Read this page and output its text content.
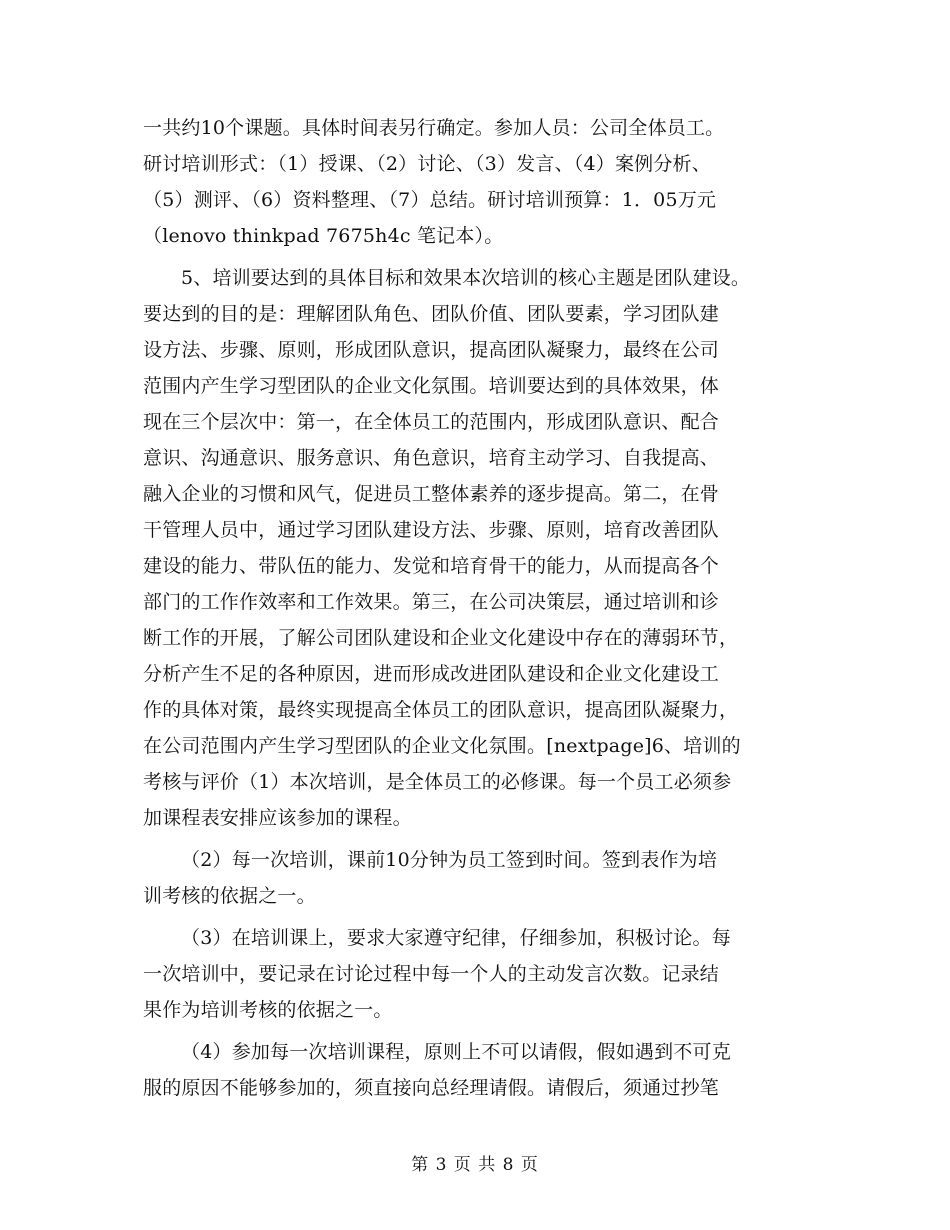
一共约10个课题。具体时间表另行确定。参加人员：公司全体员工。
研讨培训形式：（1）授课、（2）讨论、（3）发言、（4）案例分析、
（5）测评、（6）资料整理、（7）总结。研讨培训预算：1．05万元
（lenovo thinkpad 7675h4c 笔记本）。
5、培训要达到的具体目标和效果本次培训的核心主题是团队建设。
要达到的目的是：理解团队角色、团队价值、团队要素，学习团队建
设方法、步骤、原则，形成团队意识，提高团队凝聚力，最终在公司
范围内产生学习型团队的企业文化氛围。培训要达到的具体效果，体
现在三个层次中：第一，在全体员工的范围内，形成团队意识、配合
意识、沟通意识、服务意识、角色意识，培育主动学习、自我提高、
融入企业的习惯和风气，促进员工整体素养的逐步提高。第二，在骨
干管理人员中，通过学习团队建设方法、步骤、原则，培育改善团队
建设的能力、带队伍的能力、发觉和培育骨干的能力，从而提高各个
部门的工作作效率和工作效果。第三，在公司决策层，通过培训和诊
断工作的开展，了解公司团队建设和企业文化建设中存在的薄弱环节，
分析产生不足的各种原因，进而形成改进团队建设和企业文化建设工
作的具体对策，最终实现提高全体员工的团队意识，提高团队凝聚力，
在公司范围内产生学习型团队的企业文化氛围。[nextpage]6、培训的
考核与评价（1）本次培训，是全体员工的必修课。每一个员工必须参
加课程表安排应该参加的课程。
（2）每一次培训，课前10分钟为员工签到时间。签到表作为培
训考核的依据之一。
（3）在培训课上，要求大家遵守纪律，仔细参加，积极讨论。每
一次培训中，要记录在讨论过程中每一个人的主动发言次数。记录结
果作为培训考核的依据之一。
（4）参加每一次培训课程，原则上不可以请假，假如遇到不可克
服的原因不能够参加的，须直接向总经理请假。请假后，须通过抄笔
第 3 页 共 8 页
